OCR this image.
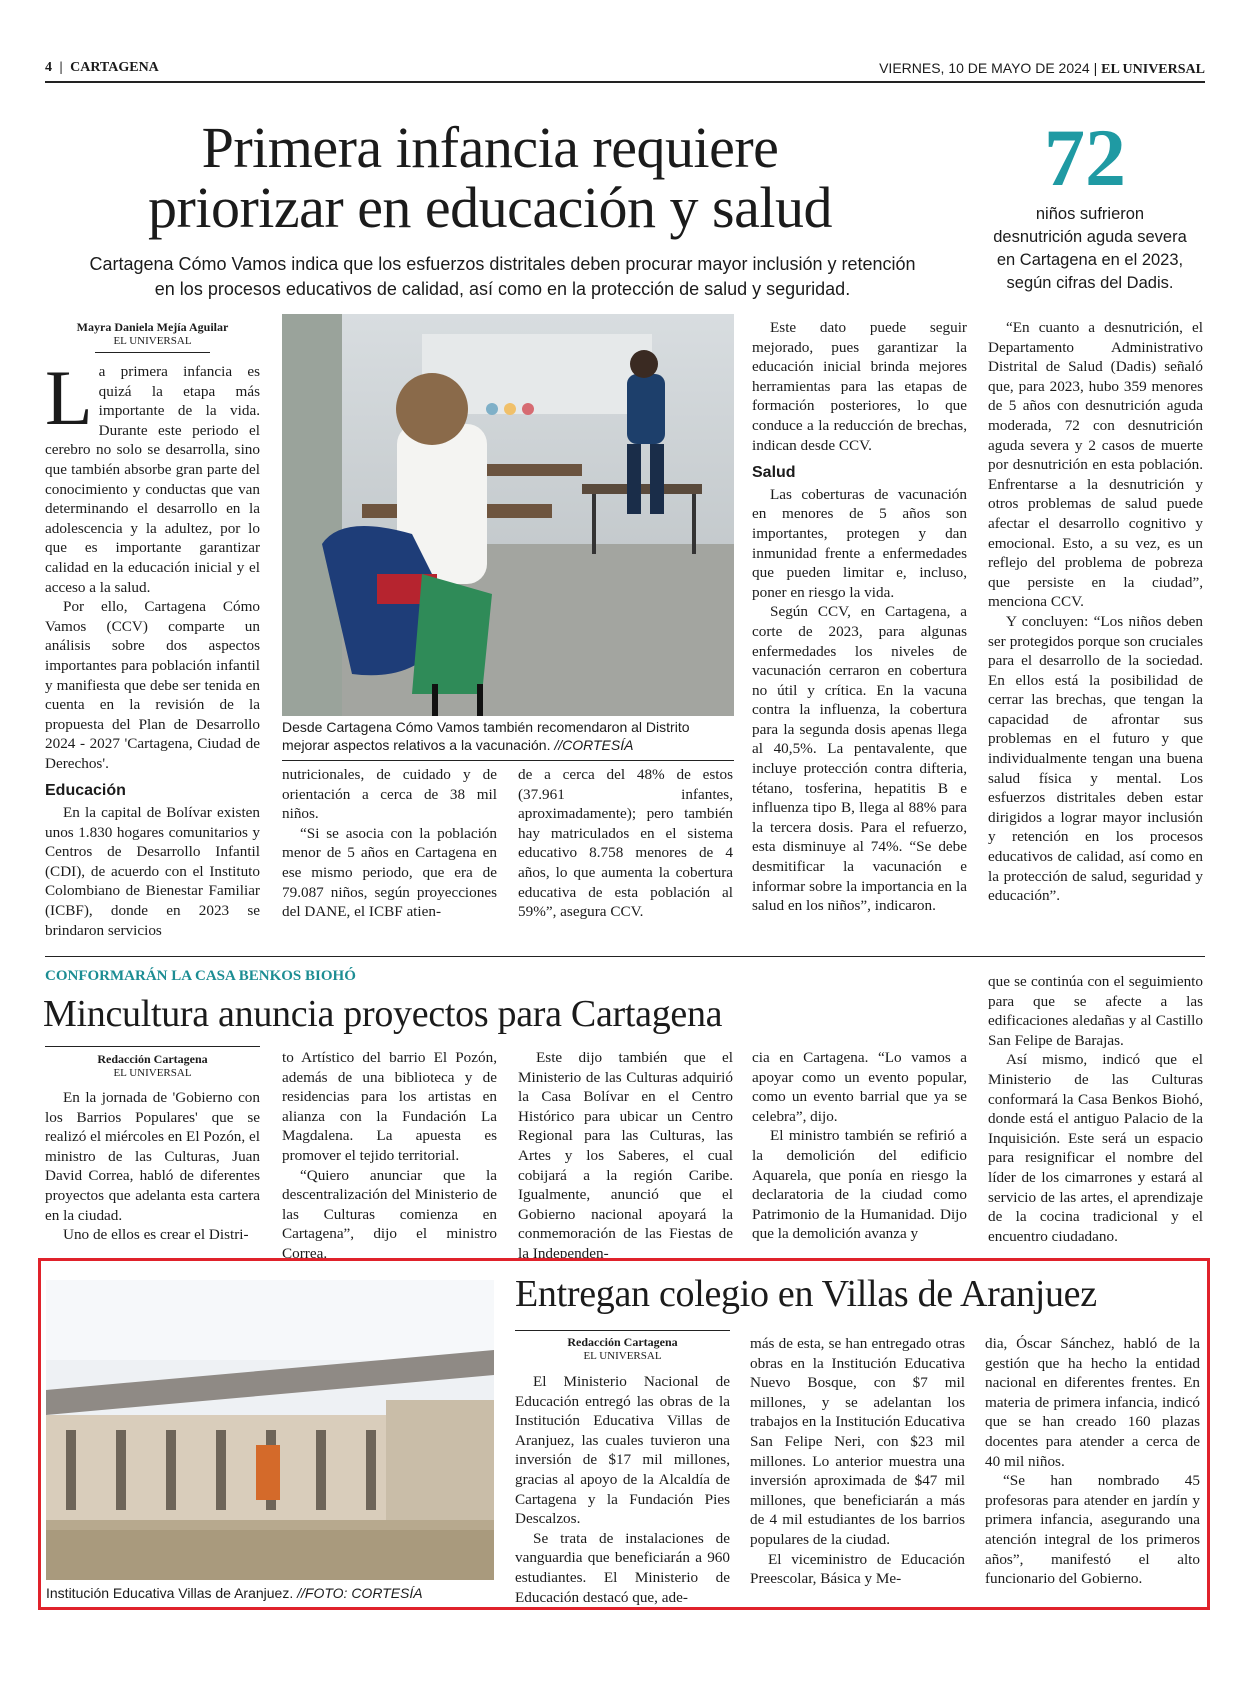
4 | CARTAGENA	VIERNES, 10 DE MAYO DE 2024 | EL UNIVERSAL
Primera infancia requiere
priorizar en educación y salud
72
niños sufrieron desnutrición aguda severa en Cartagena en el 2023, según cifras del Dadis.
Cartagena Cómo Vamos indica que los esfuerzos distritales deben procurar mayor inclusión y retención
en los procesos educativos de calidad, así como en la protección de salud y seguridad.
Mayra Daniela Mejía Aguilar
EL UNIVERSAL

La primera infancia es quizá la etapa más importante de la vida. Durante este periodo el cerebro no solo se desarrolla, sino que también absorbe gran parte del conocimiento y conductas que van determinando el desarrollo en la adolescencia y la adultez, por lo que es importante garantizar calidad en la educación inicial y el acceso a la salud.

Por ello, Cartagena Cómo Vamos (CCV) comparte un análisis sobre dos aspectos importantes para población infantil y manifiesta que debe ser tenida en cuenta en la revisión de la propuesta del Plan de Desarrollo 2024 - 2027 'Cartagena, Ciudad de Derechos'.

Educación

En la capital de Bolívar existen unos 1.830 hogares comunitarios y Centros de Desarrollo Infantil (CDI), de acuerdo con el Instituto Colombiano de Bienestar Familiar (ICBF), donde en 2023 se brindaron servicios

Desde Cartagena Cómo Vamos también recomendaron al Distrito mejorar aspectos relativos a la vacunación. //CORTESÍA

nutricionales, de cuidado y de orientación a cerca de 38 mil niños.

“Si se asocia con la población menor de 5 años en Cartagena en ese mismo periodo, que era de 79.087 niños, según proyecciones del DANE, el ICBF atien-

de a cerca del 48% de estos (37.961 infantes, aproximadamente); pero también hay matriculados en el sistema educativo 8.758 menores de 4 años, lo que aumenta la cobertura educativa de esta población al 59%”, asegura CCV.

Este dato puede seguir mejorado, pues garantizar la educación inicial brinda mejores herramientas para las etapas de formación posteriores, lo que conduce a la reducción de brechas, indican desde CCV.

Salud

Las coberturas de vacunación en menores de 5 años son importantes, protegen y dan inmunidad frente a enfermedades que pueden limitar e, incluso, poner en riesgo la vida.

Según CCV, en Cartagena, a corte de 2023, para algunas enfermedades los niveles de vacunación cerraron en cobertura no útil y crítica. En la vacuna contra la influenza, la cobertura para la segunda dosis apenas llega al 40,5%. La pentavalente, que incluye protección contra difteria, tétano, tosferina, hepatitis B e influenza tipo B, llega al 88% para la tercera dosis. Para el refuerzo, esta disminuye al 74%. “Se debe desmitificar la vacunación e informar sobre la importancia en la salud en los niños”, indicaron.

“En cuanto a desnutrición, el Departamento Administrativo Distrital de Salud (Dadis) señaló que, para 2023, hubo 359 menores de 5 años con desnutrición aguda moderada, 72 con desnutrición aguda severa y 2 casos de muerte por desnutrición en esta población. Enfrentarse a la desnutrición y otros problemas de salud puede afectar el desarrollo cognitivo y emocional. Esto, a su vez, es un reflejo del problema de pobreza que persiste en la ciudad”, menciona CCV.

Y concluyen: “Los niños deben ser protegidos porque son cruciales para el desarrollo de la sociedad. En ellos está la posibilidad de cerrar las brechas, que tengan la capacidad de afrontar sus problemas en el futuro y que individualmente tengan una buena salud física y mental. Los esfuerzos distritales deben estar dirigidos a lograr mayor inclusión y retención en los procesos educativos de calidad, así como en la protección de salud, seguridad y educación”.

CONFORMARÁN LA CASA BENKOS BIOHÓ
Mincultura anuncia proyectos para Cartagena
Redacción Cartagena
EL UNIVERSAL

En la jornada de 'Gobierno con los Barrios Populares' que se realizó el miércoles en El Pozón, el ministro de las Culturas, Juan David Correa, habló de diferentes proyectos que adelanta esta cartera en la ciudad.

Uno de ellos es crear el Distri-

to Artístico del barrio El Pozón, además de una biblioteca y de residencias para los artistas en alianza con la Fundación La Magdalena. La apuesta es promover el tejido territorial.

“Quiero anunciar que la descentralización del Ministerio de las Culturas comienza en Cartagena”, dijo el ministro Correa.

Este dijo también que el Ministerio de las Culturas adquirió la Casa Bolívar en el Centro Histórico para ubicar un Centro Regional para las Culturas, las Artes y los Saberes, el cual cobijará a la región Caribe. Igualmente, anunció que el Gobierno nacional apoyará la conmemoración de las Fiestas de la Independen-

cia en Cartagena. “Lo vamos a apoyar como un evento popular, como un evento barrial que ya se celebra”, dijo.

El ministro también se refirió a la demolición del edificio Aquarela, que ponía en riesgo la declaratoria de la ciudad como Patrimonio de la Humanidad. Dijo que la demolición avanza y

que se continúa con el seguimiento para que se afecte a las edificaciones aledañas y al Castillo San Felipe de Barajas.

Así mismo, indicó que el Ministerio de las Culturas conformará la Casa Benkos Biohó, donde está el antiguo Palacio de la Inquisición. Este será un espacio para resignificar el nombre del líder de los cimarrones y estará al servicio de las artes, el aprendizaje de la cocina tradicional y el encuentro ciudadano.

Institución Educativa Villas de Aranjuez. //FOTO: CORTESÍA
Entregan colegio en Villas de Aranjuez
Redacción Cartagena
EL UNIVERSAL

El Ministerio Nacional de Educación entregó las obras de la Institución Educativa Villas de Aranjuez, las cuales tuvieron una inversión de $17 mil millones, gracias al apoyo de la Alcaldía de Cartagena y la Fundación Pies Descalzos.

Se trata de instalaciones de vanguardia que beneficiarán a 960 estudiantes. El Ministerio de Educación destacó que, ade-

más de esta, se han entregado otras obras en la Institución Educativa Nuevo Bosque, con $7 mil millones, y se adelantan los trabajos en la Institución Educativa San Felipe Neri, con $23 mil millones. Lo anterior muestra una inversión aproximada de $47 mil millones, que beneficiarán a más de 4 mil estudiantes de los barrios populares de la ciudad.

El viceministro de Educación Preescolar, Básica y Me-

dia, Óscar Sánchez, habló de la gestión que ha hecho la entidad nacional en diferentes frentes. En materia de primera infancia, indicó que se han creado 160 plazas docentes para atender a cerca de 40 mil niños.

“Se han nombrado 45 profesoras para atender en jardín y primera infancia, asegurando una atención integral de los primeros años”, manifestó el alto funcionario del Gobierno.
